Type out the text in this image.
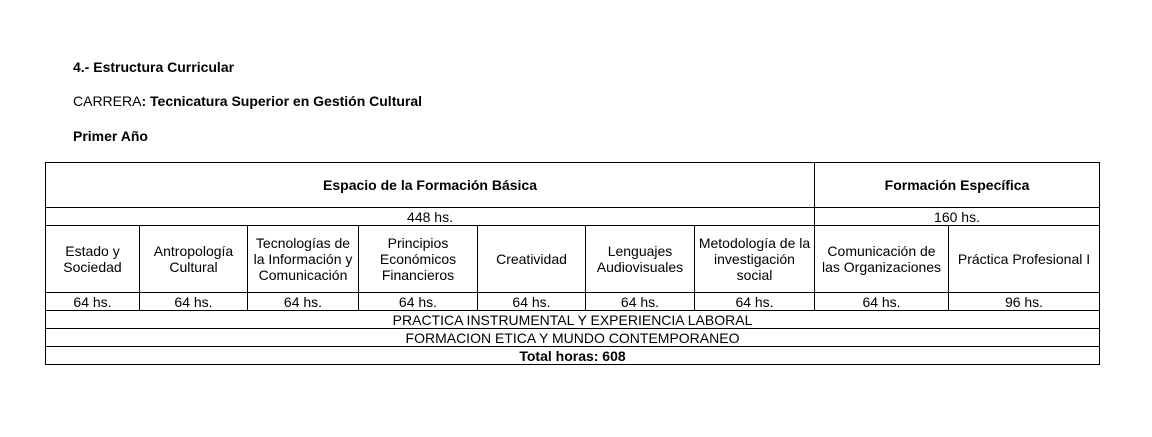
4.- Estructura Curricular
CARRERA: Tecnicatura Superior en Gestión Cultural
Primer Año
Espacio de la Formación Básica							Formación Específica	
448 hs.							160 hs.	
Estado y Sociedad	Antropología Cultural	Tecnologías de la Información y Comunicación	Principios Económicos Financieros	Creatividad	Lenguajes Audiovisuales	Metodología de la investigación social	Comunicación de las Organizaciones	Práctica Profesional I
64 hs.	64 hs.	64 hs.	64 hs.	64 hs.	64 hs.	64 hs.	64 hs.	96 hs.
PRACTICA INSTRUMENTAL Y EXPERIENCIA LABORAL								
FORMACION ETICA Y MUNDO CONTEMPORANEO								
Total horas: 608								
